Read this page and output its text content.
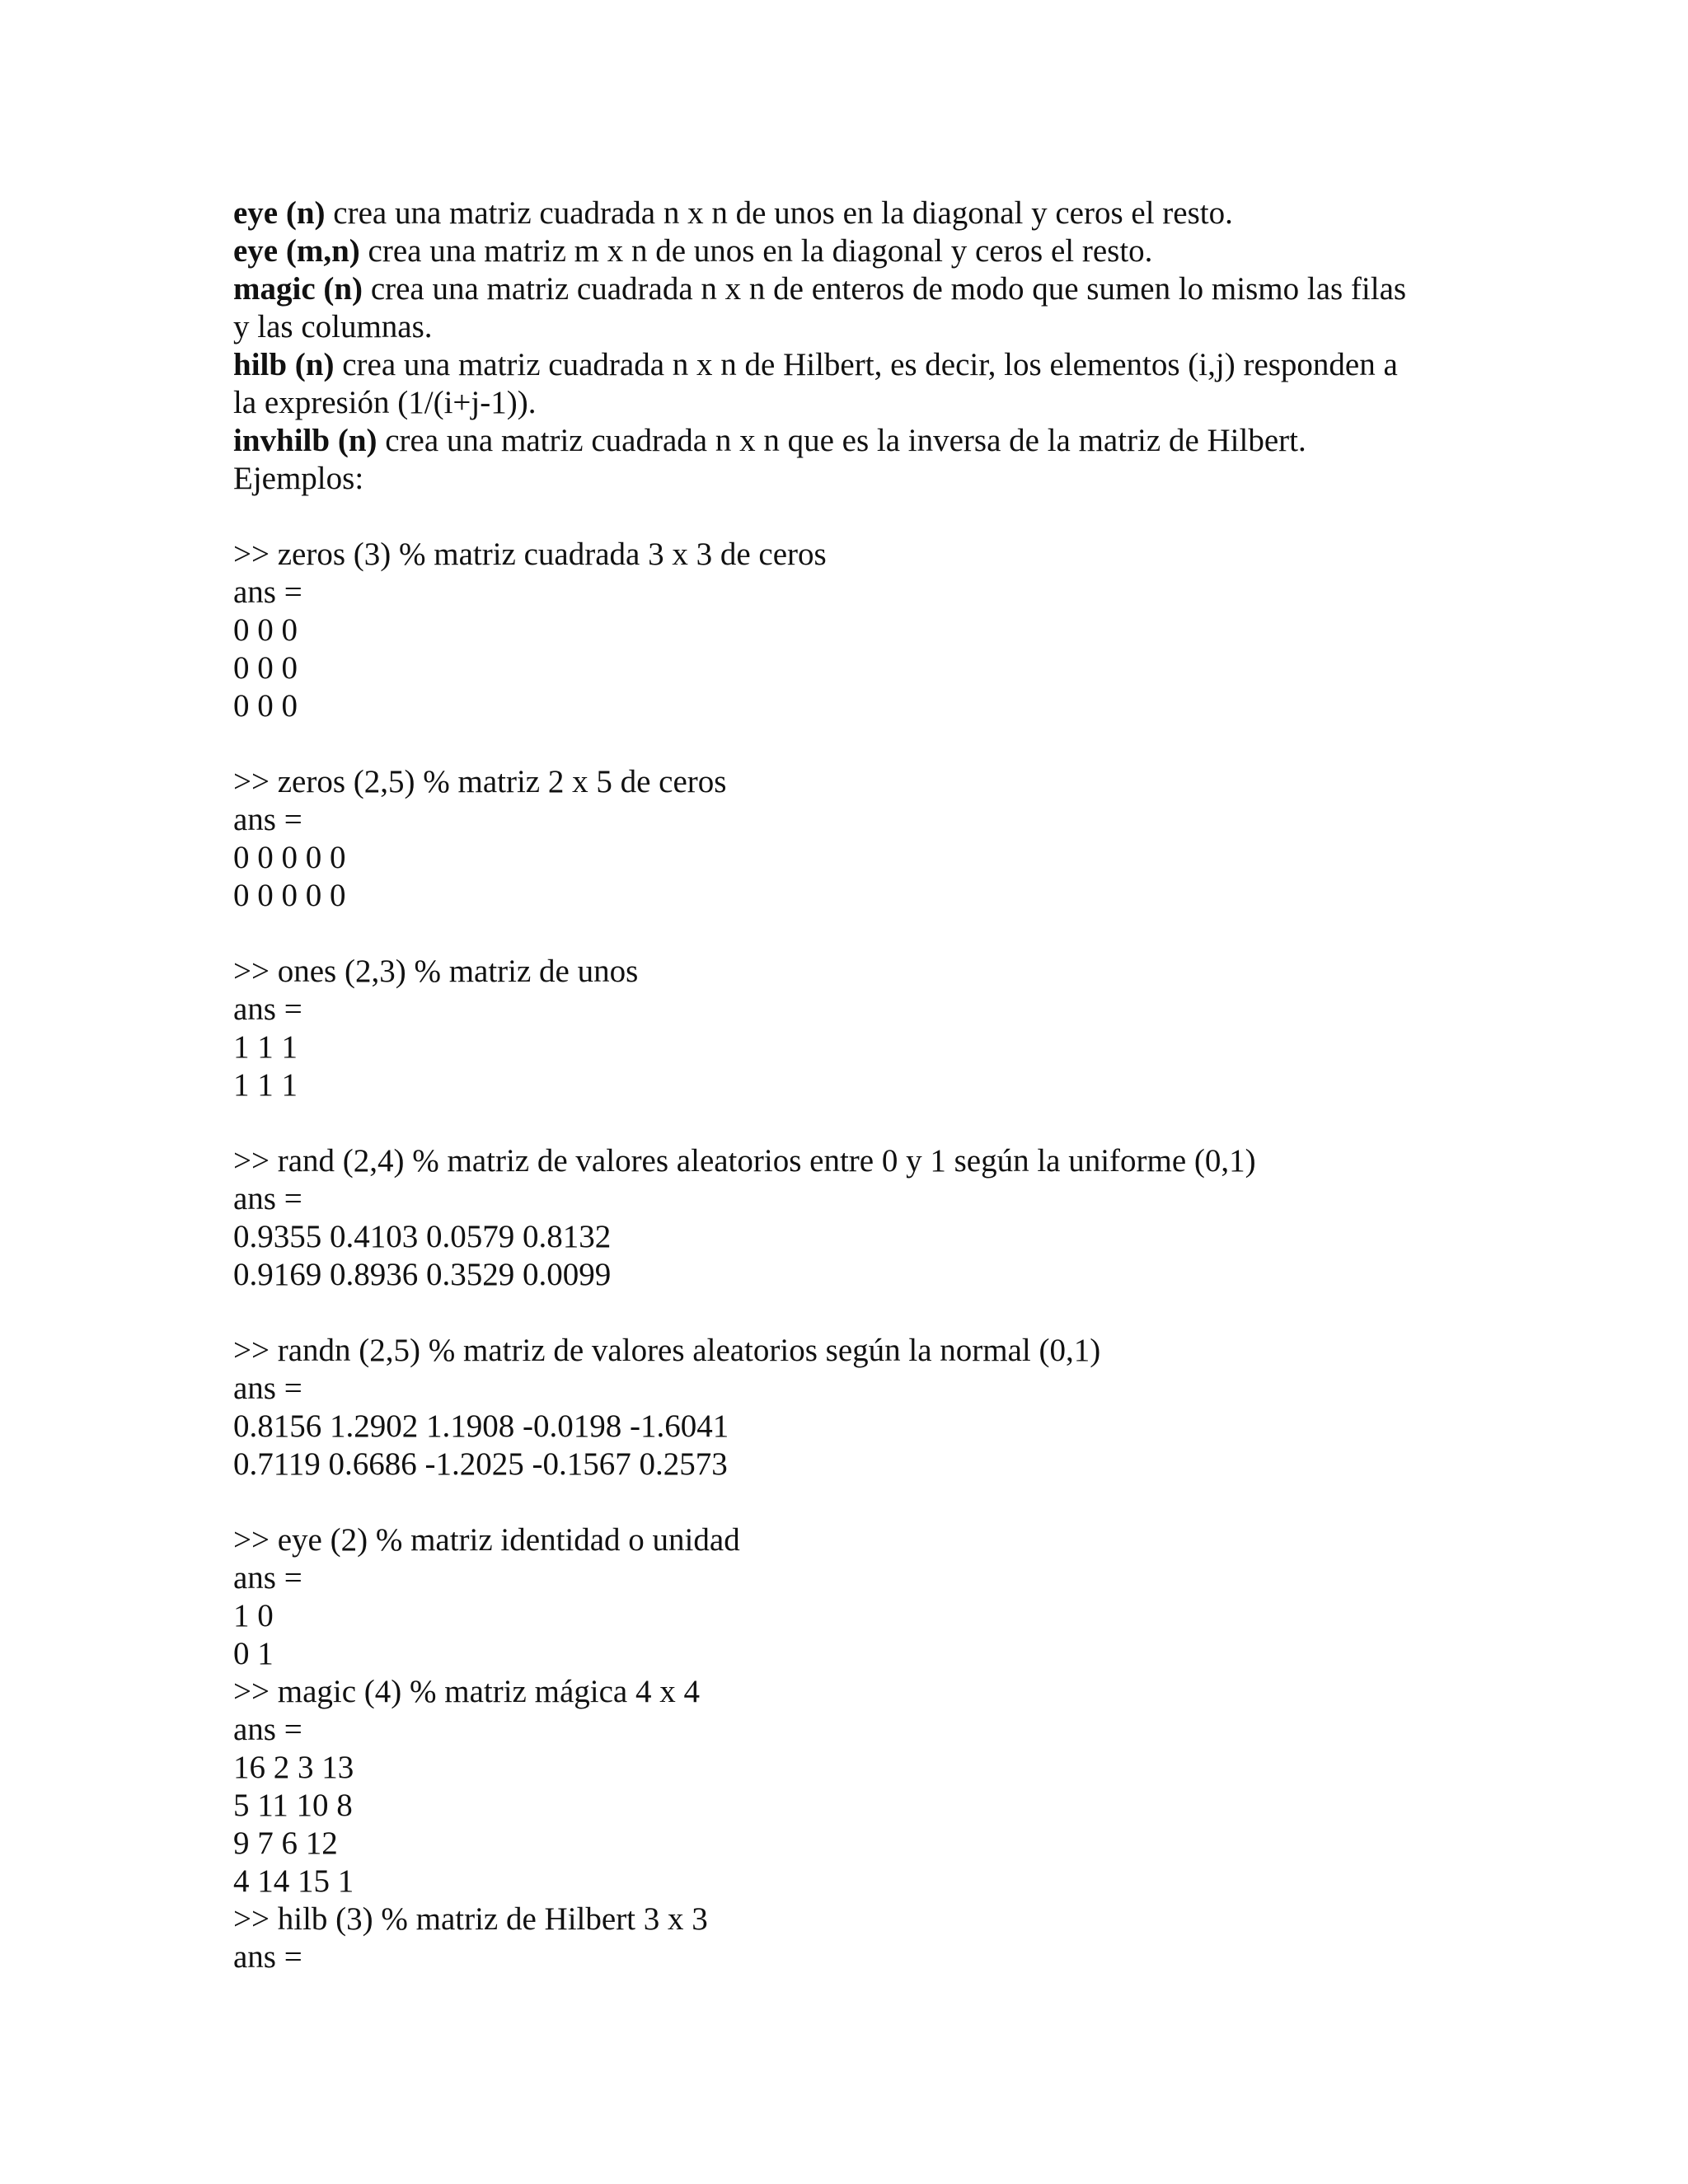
eye (n) crea una matriz cuadrada n x n de unos en la diagonal y ceros el resto.

eye (m,n) crea una matriz m x n de unos en la diagonal y ceros el resto.

magic (n) crea una matriz cuadrada n x n de enteros de modo que sumen lo mismo las filas

y las columnas.

hilb (n) crea una matriz cuadrada n x n de Hilbert, es decir, los elementos (i,j) responden a

la expresión (1/(i+j-1)).

invhilb (n) crea una matriz cuadrada n x n que es la inversa de la matriz de Hilbert.

Ejemplos:

>> zeros (3) % matriz cuadrada 3 x 3 de ceros

ans =

0 0 0

0 0 0

0 0 0

>> zeros (2,5) % matriz 2 x 5 de ceros

ans =

0 0 0 0 0

0 0 0 0 0

>> ones (2,3) % matriz de unos

ans =

1 1 1

1 1 1

>> rand (2,4) % matriz de valores aleatorios entre 0 y 1 según la uniforme (0,1)

ans =

0.9355 0.4103 0.0579 0.8132

0.9169 0.8936 0.3529 0.0099

>> randn (2,5) % matriz de valores aleatorios según la normal (0,1)

ans =

0.8156 1.2902 1.1908 -0.0198 -1.6041

0.7119 0.6686 -1.2025 -0.1567 0.2573

>> eye (2) % matriz identidad o unidad

ans =

1 0

0 1

>> magic (4) % matriz mágica 4 x 4

ans =

16 2 3 13

5 11 10 8

9 7 6 12

4 14 15 1

>> hilb (3) % matriz de Hilbert 3 x 3

ans =
